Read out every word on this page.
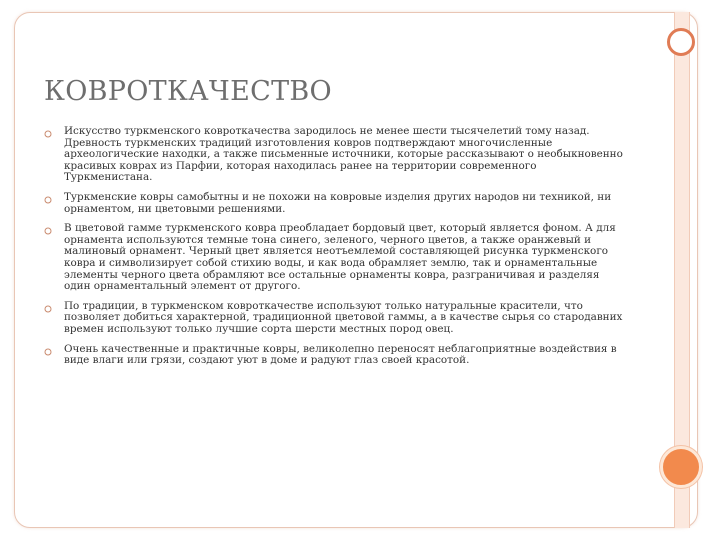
КОВРОТКАЧЕСТВО
Искусство туркменского ковроткачества зародилось не менее шести тысячелетий тому назад. Древность туркменских традиций изготовления ковров подтверждают многочисленные археологические находки, а также письменные источники, которые рассказывают о необыкновенно красивых коврах из Парфии, которая находилась ранее на территории современного Туркменистана.
Туркменские ковры самобытны и не похожи на ковровые изделия других народов ни техникой, ни орнаментом, ни цветовыми решениями.
В цветовой гамме туркменского ковра преобладает бордовый цвет, который является фоном. А для орнамента используются темные тона синего, зеленого, черного цветов, а также оранжевый и малиновый орнамент. Черный цвет является неотъемлемой составляющей рисунка туркменского ковра и символизирует собой стихию воды, и как вода обрамляет землю, так и орнаментальные элементы черного цвета обрамляют все остальные орнаменты ковра, разграничивая и разделяя один орнаментальный элемент от другого.
По традиции, в туркменском ковроткачестве используют только натуральные красители, что позволяет добиться характерной, традиционной цветовой гаммы, а в качестве сырья со стародавних времен используют только лучшие сорта шерсти местных пород овец.
Очень качественные и практичные ковры, великолепно переносят неблагоприятные воздействия в виде влаги или грязи, создают уют в доме и радуют глаз своей красотой.
